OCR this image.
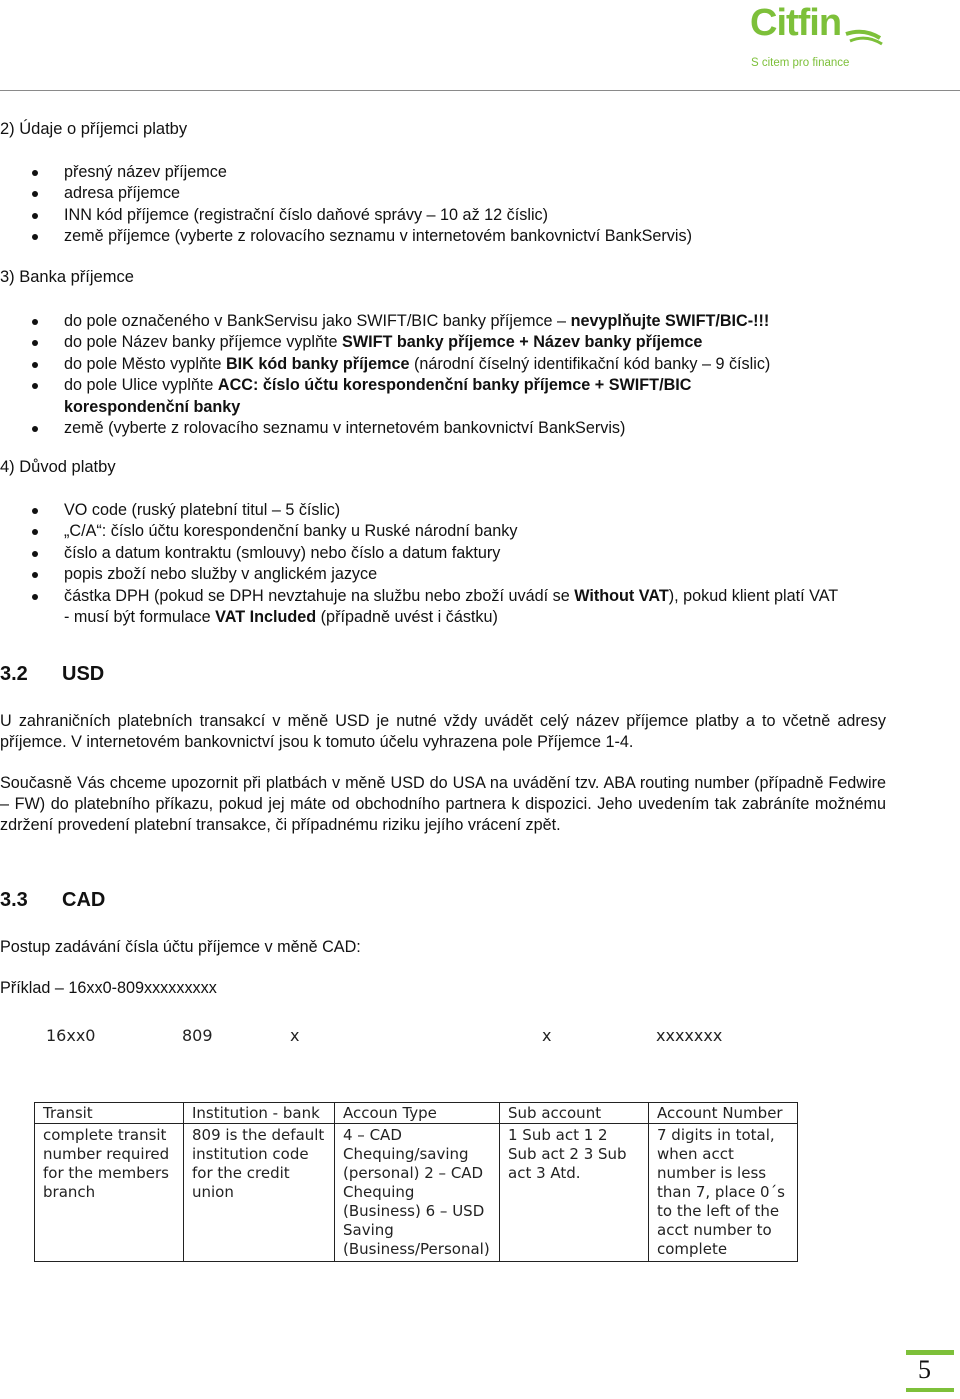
Citfin
S citem pro finance
2) Údaje o příjemci platby
přesný název příjemce
adresa příjemce
INN kód příjemce (registrační číslo daňové správy – 10 až 12 číslic)
země příjemce (vyberte z rolovacího seznamu v internetovém bankovnictví BankServis)
3) Banka příjemce
do pole označeného v BankServisu jako SWIFT/BIC banky příjemce – nevyplňujte SWIFT/BIC-!!!
do pole Název banky příjemce vyplňte SWIFT banky příjemce + Název banky příjemce
do pole Město vyplňte BIK kód banky příjemce (národní číselný identifikační kód banky – 9 číslic)
do pole Ulice vyplňte ACC: číslo účtu korespondenční banky příjemce + SWIFT/BIC korespondenční banky
země (vyberte z rolovacího seznamu v internetovém bankovnictví BankServis)
4) Důvod platby
VO code (ruský platební titul – 5 číslic)
„C/A“: číslo účtu korespondenční banky u Ruské národní banky
číslo a datum kontraktu (smlouvy) nebo číslo a datum faktury
popis zboží nebo služby v anglickém jazyce
částka DPH (pokud se DPH nevztahuje na službu nebo zboží uvádí se Without VAT), pokud klient platí VAT - musí být formulace VAT Included (případně uvést i částku)
3.2 USD

U zahraničních platebních transakcí v měně USD je nutné vždy uvádět celý název příjemce platby a to včetně adresy příjemce. V internetovém bankovnictví jsou k tomuto účelu vyhrazena pole Příjemce 1-4.

Současně Vás chceme upozornit při platbách v měně USD do USA na uvádění tzv. ABA routing number (případně Fedwire – FW) do platebního příkazu, pokud jej máte od obchodního partnera k dispozici. Jeho uvedením tak zabráníte možnému zdržení provedení platební transakce, či případnému riziku jejího vrácení zpět.

3.3 CAD

Postup zadávání čísla účtu příjemce v měně CAD:

Příklad – 16xx0-809xxxxxxxxx

16xx0	809	x	x	xxxxxxx
Transit	Institution - bank	Accoun Type	Sub account	Account Number
complete transit number required for the members branch	809 is the default institution code for the credit union	4 – CAD Chequing/saving (personal) 2 – CAD Chequing (Business) 6 – USD Saving (Business/Personal)	1 Sub act 1 2 Sub act 2 3 Sub act 3 Atd.	7 digits in total, when acct number is less than 7, place 0´s to the left of the acct number to complete
5
